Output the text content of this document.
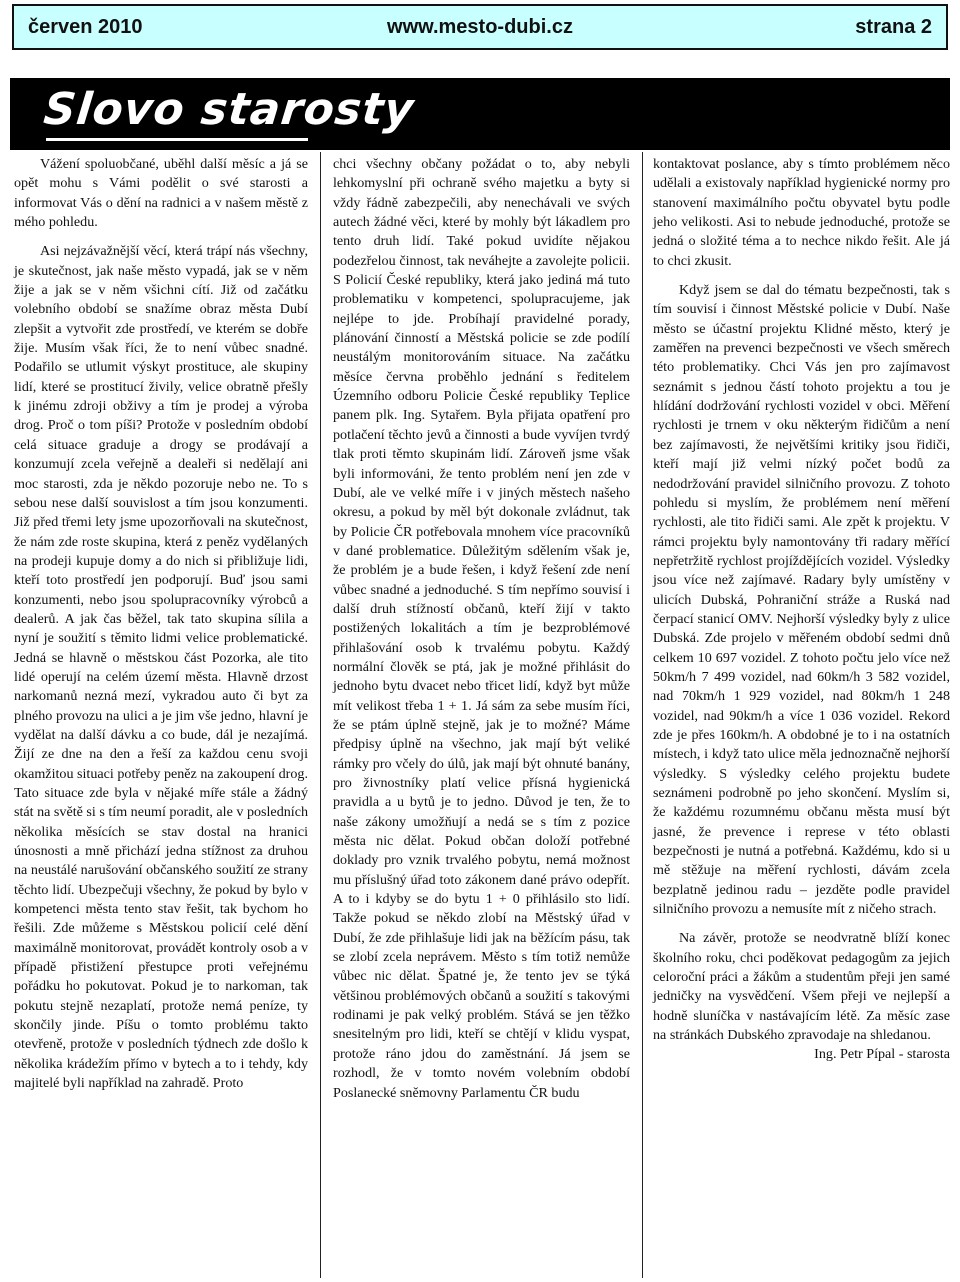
červen 2010	www.mesto-dubi.cz	strana 2
Slovo starosty

Vážení spoluobčané, uběhl další měsíc a já se opět mohu s Vámi podělit o své starosti a informovat Vás o dění na radnici a v našem městě z mého pohledu.

Asi nejzávažnější věcí, která trápí nás všechny, je skutečnost, jak naše město vypadá, jak se v něm žije a jak se v něm všichni cítí. Již od začátku volebního období se snažíme obraz města Dubí zlepšit a vytvořit zde prostředí, ve kterém se dobře žije. Musím však říci, že to není vůbec snadné. Podařilo se utlumit výskyt prostituce, ale skupiny lidí, které se prostitucí živily, velice obratně přešly k jinému zdroji obživy a tím je prodej a výroba drog. Proč o tom píši? Protože v posledním období celá situace graduje a drogy se prodávají a konzumují zcela veřejně a dealeři si nedělají ani moc starosti, zda je někdo pozoruje nebo ne. To s sebou nese další souvislost a tím jsou konzumenti. Již před třemi lety jsme upozorňovali na skutečnost, že nám zde roste skupina, která z peněz vydělaných na prodeji kupuje domy a do nich si přibližuje lidi, kteří toto prostředí jen podporují. Buď jsou sami konzumenti, nebo jsou spolupracovníky výrobců a dealerů. A jak čas běžel, tak tato skupina sílila a nyní je soužití s těmito lidmi velice problematické. Jedná se hlavně o městskou část Pozorka, ale tito lidé operují na celém území města. Hlavně drzost narkomanů nezná mezí, vykradou auto či byt za plného provozu na ulici a je jim vše jedno, hlavní je vydělat na další dávku a co bude, dál je nezajímá. Žijí ze dne na den a řeší za každou cenu svoji okamžitou situaci potřeby peněz na zakoupení drog. Tato situace zde byla v nějaké míře stále a žádný stát na světě si s tím neumí poradit, ale v posledních několika měsících se stav dostal na hranici únosnosti a mně přichází jedna stížnost za druhou na neustálé narušování občanského soužití ze strany těchto lidí. Ubezpečuji všechny, že pokud by bylo v kompetenci města tento stav řešit, tak bychom ho řešili. Zde můžeme s Městskou policií celé dění maximálně monitorovat, provádět kontroly osob a v případě přistižení přestupce proti veřejnému pořádku ho pokutovat. Pokud je to narkoman, tak pokutu stejně nezaplatí, protože nemá peníze, ty skončily jinde. Píšu o tomto problému takto otevřeně, protože v posledních týdnech zde došlo k několika krádežím přímo v bytech a to i tehdy, kdy majitelé byli například na zahradě. Proto

chci všechny občany požádat o to, aby nebyli lehkomyslní při ochraně svého majetku a byty si vždy řádně zabezpečili, aby nenechávali ve svých autech žádné věci, které by mohly být lákadlem pro tento druh lidí. Také pokud uvidíte nějakou podezřelou činnost, tak neváhejte a zavolejte policii. S Policií České republiky, která jako jediná má tuto problematiku v kompetenci, spolupracujeme, jak nejlépe to jde. Probíhají pravidelné porady, plánování činností a Městská policie se zde podílí neustálým monitorováním situace. Na začátku měsíce června proběhlo jednání s ředitelem Územního odboru Policie České republiky Teplice panem plk. Ing. Sytařem. Byla přijata opatření pro potlačení těchto jevů a činnosti a bude vyvíjen tvrdý tlak proti těmto skupinám lidí. Zároveň jsme však byli informováni, že tento problém není jen zde v Dubí, ale ve velké míře i v jiných městech našeho okresu, a pokud by měl být dokonale zvládnut, tak by Policie ČR potřebovala mnohem více pracovníků v dané problematice. Důležitým sdělením však je, že problém je a bude řešen, i když řešení zde není vůbec snadné a jednoduché. S tím nepřímo souvisí i další druh stížností občanů, kteří žijí v takto postižených lokalitách a tím je bezproblémové přihlašování osob k trvalému pobytu. Každý normální člověk se ptá, jak je možné přihlásit do jednoho bytu dvacet nebo třicet lidí, když byt může mít velikost třeba 1 + 1. Já sám za sebe musím říci, že se ptám úplně stejně, jak je to možné? Máme předpisy úplně na všechno, jak mají být veliké rámky pro včely do úlů, jak mají být ohnuté banány, pro živnostníky platí velice přísná hygienická pravidla a u bytů je to jedno. Důvod je ten, že to naše zákony umožňují a nedá se s tím z pozice města nic dělat. Pokud občan doloží potřebné doklady pro vznik trvalého pobytu, nemá možnost mu příslušný úřad toto zákonem dané právo odepřít. A to i kdyby se do bytu 1 + 0 přihlásilo sto lidí. Takže pokud se někdo zlobí na Městský úřad v Dubí, že zde přihlašuje lidi jak na běžícím pásu, tak se zlobí zcela neprávem. Město s tím totiž nemůže vůbec nic dělat. Špatné je, že tento jev se týká většinou problémových občanů a soužití s takovými rodinami je pak velký problém. Stává se jen těžko snesitelným pro lidi, kteří se chtějí v klidu vyspat, protože ráno jdou do zaměstnání. Já jsem se rozhodl, že v tomto novém volebním období Poslanecké sněmovny Parlamentu ČR budu

kontaktovat poslance, aby s tímto problémem něco udělali a existovaly například hygienické normy pro stanovení maximálního počtu obyvatel bytu podle jeho velikosti. Asi to nebude jednoduché, protože se jedná o složité téma a to nechce nikdo řešit. Ale já to chci zkusit.

Když jsem se dal do tématu bezpečnosti, tak s tím souvisí i činnost Městské policie v Dubí. Naše město se účastní projektu Klidné město, který je zaměřen na prevenci bezpečnosti ve všech směrech této problematiky. Chci Vás jen pro zajímavost seznámit s jednou částí tohoto projektu a tou je hlídání dodržování rychlosti vozidel v obci. Měření rychlosti je trnem v oku některým řidičům a není bez zajímavosti, že největšími kritiky jsou řidiči, kteří mají již velmi nízký počet bodů za nedodržování pravidel silničního provozu. Z tohoto pohledu si myslím, že problémem není měření rychlosti, ale tito řidiči sami. Ale zpět k projektu. V rámci projektu byly namontovány tři radary měřící nepřetržitě rychlost projíždějících vozidel. Výsledky jsou více než zajímavé. Radary byly umístěny v ulicích Dubská, Pohraniční stráže a Ruská nad čerpací stanicí OMV. Nejhorší výsledky byly z ulice Dubská. Zde projelo v měřeném období sedmi dnů celkem 10 697 vozidel. Z tohoto počtu jelo více než 50km/h 7 499 vozidel, nad 60km/h 3 582 vozidel, nad 70km/h 1 929 vozidel, nad 80km/h 1 248 vozidel, nad 90km/h a více 1 036 vozidel. Rekord zde je přes 160km/h. A obdobné je to i na ostatních místech, i když tato ulice měla jednoznačně nejhorší výsledky. S výsledky celého projektu budete seznámeni podrobně po jeho skončení. Myslím si, že každému rozumnému občanu města musí být jasné, že prevence i represe v této oblasti bezpečnosti je nutná a potřebná. Každému, kdo si u mě stěžuje na měření rychlosti, dávám zcela bezplatně jedinou radu – jezděte podle pravidel silničního provozu a nemusíte mít z ničeho strach.

Na závěr, protože se neodvratně blíží konec školního roku, chci poděkovat pedagogům za jejich celoroční práci a žákům a studentům přeji jen samé jedničky na vysvědčení. Všem přeji ve nejlepší a hodně sluníčka v nastávajícím létě. Za měsíc zase na stránkách Dubského zpravodaje na shledanou.

Ing. Petr Pípal - starosta
